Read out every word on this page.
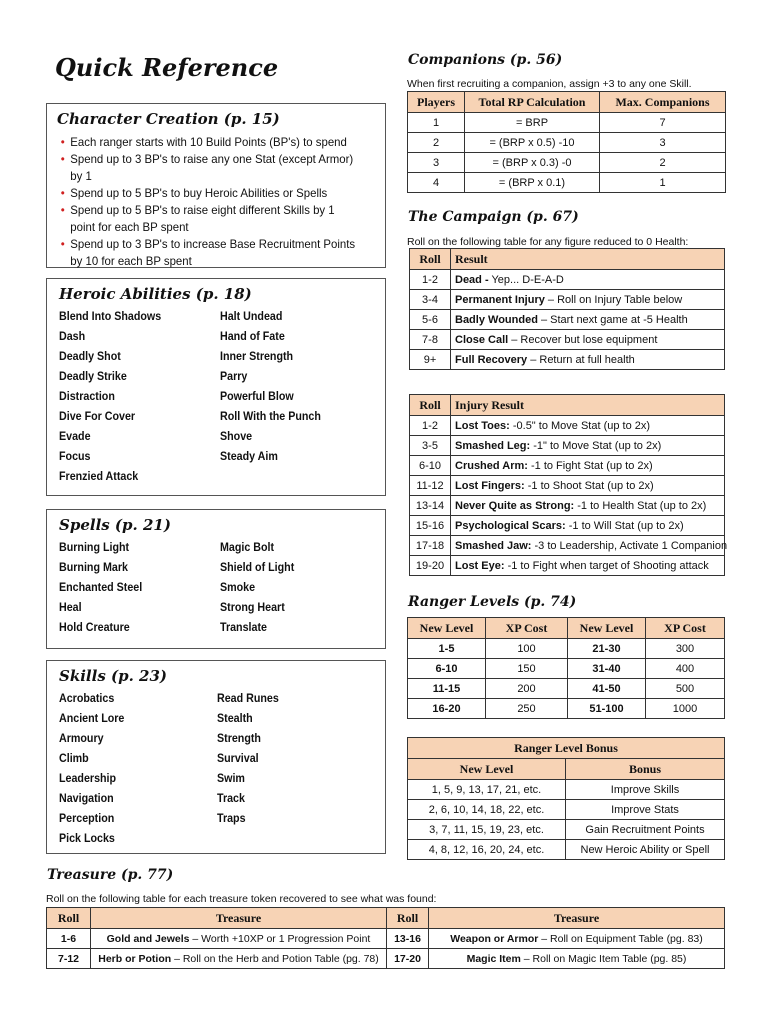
Quick Reference
Character Creation (p. 15)
• Each ranger starts with 10 Build Points (BP's) to spend
• Spend up to 3 BP's to raise any one Stat (except Armor) by 1
• Spend up to 5 BP's to buy Heroic Abilities or Spells
• Spend up to 5 BP's to raise eight different Skills by 1 point for each BP spent
• Spend up to 3 BP's to increase Base Recruitment Points by 10 for each BP spent
Heroic Abilities (p. 18)
Blend Into Shadows	Halt Undead
Dash	Hand of Fate
Deadly Shot	Inner Strength
Deadly Strike	Parry
Distraction	Powerful Blow
Dive For Cover	Roll With the Punch
Evade	Shove
Focus	Steady Aim
Frenzied Attack
Spells (p. 21)
Burning Light	Magic Bolt
Burning Mark	Shield of Light
Enchanted Steel	Smoke
Heal	Strong Heart
Hold Creature	Translate
Skills (p. 23)
Acrobatics	Read Runes
Ancient Lore	Stealth
Armoury	Strength
Climb	Survival
Leadership	Swim
Navigation	Track
Perception	Traps
Pick Locks
Companions (p. 56)
When first recruiting a companion, assign +3 to any one Skill.
Players	Total RP Calculation	Max. Companions
1	= BRP	7
2	= (BRP x 0.5) -10	3
3	= (BRP x 0.3) -0	2
4	= (BRP x 0.1)	1
The Campaign (p. 67)
Roll on the following table for any figure reduced to 0 Health:
Roll	Result
1-2	Dead - Yep... D-E-A-D
3-4	Permanent Injury – Roll on Injury Table below
5-6	Badly Wounded – Start next game at -5 Health
7-8	Close Call – Recover but lose equipment
9+	Full Recovery – Return at full health
Roll	Injury Result
1-2	Lost Toes: -0.5" to Move Stat (up to 2x)
3-5	Smashed Leg: -1" to Move Stat (up to 2x)
6-10	Crushed Arm: -1 to Fight Stat (up to 2x)
11-12	Lost Fingers: -1 to Shoot Stat (up to 2x)
13-14	Never Quite as Strong: -1 to Health Stat (up to 2x)
15-16	Psychological Scars: -1 to Will Stat (up to 2x)
17-18	Smashed Jaw: -3 to Leadership, Activate 1 Companion
19-20	Lost Eye: -1 to Fight when target of Shooting attack
Ranger Levels (p. 74)
New Level	XP Cost	New Level	XP Cost
1-5	100	21-30	300
6-10	150	31-40	400
11-15	200	41-50	500
16-20	250	51-100	1000
Ranger Level Bonus	
New Level	Bonus
1, 5, 9, 13, 17, 21, etc.	Improve Skills
2, 6, 10, 14, 18, 22, etc.	Improve Stats
3, 7, 11, 15, 19, 23, etc.	Gain Recruitment Points
4, 8, 12, 16, 20, 24, etc.	New Heroic Ability or Spell
Treasure (p. 77)
Roll on the following table for each treasure token recovered to see what was found:
Roll	Treasure	Roll	Treasure
1-6	Gold and Jewels – Worth +10XP or 1 Progression Point	13-16	Weapon or Armor – Roll on Equipment Table (pg. 83)
7-12	Herb or Potion – Roll on the Herb and Potion Table (pg. 78)	17-20	Magic Item – Roll on Magic Item Table (pg. 85)
